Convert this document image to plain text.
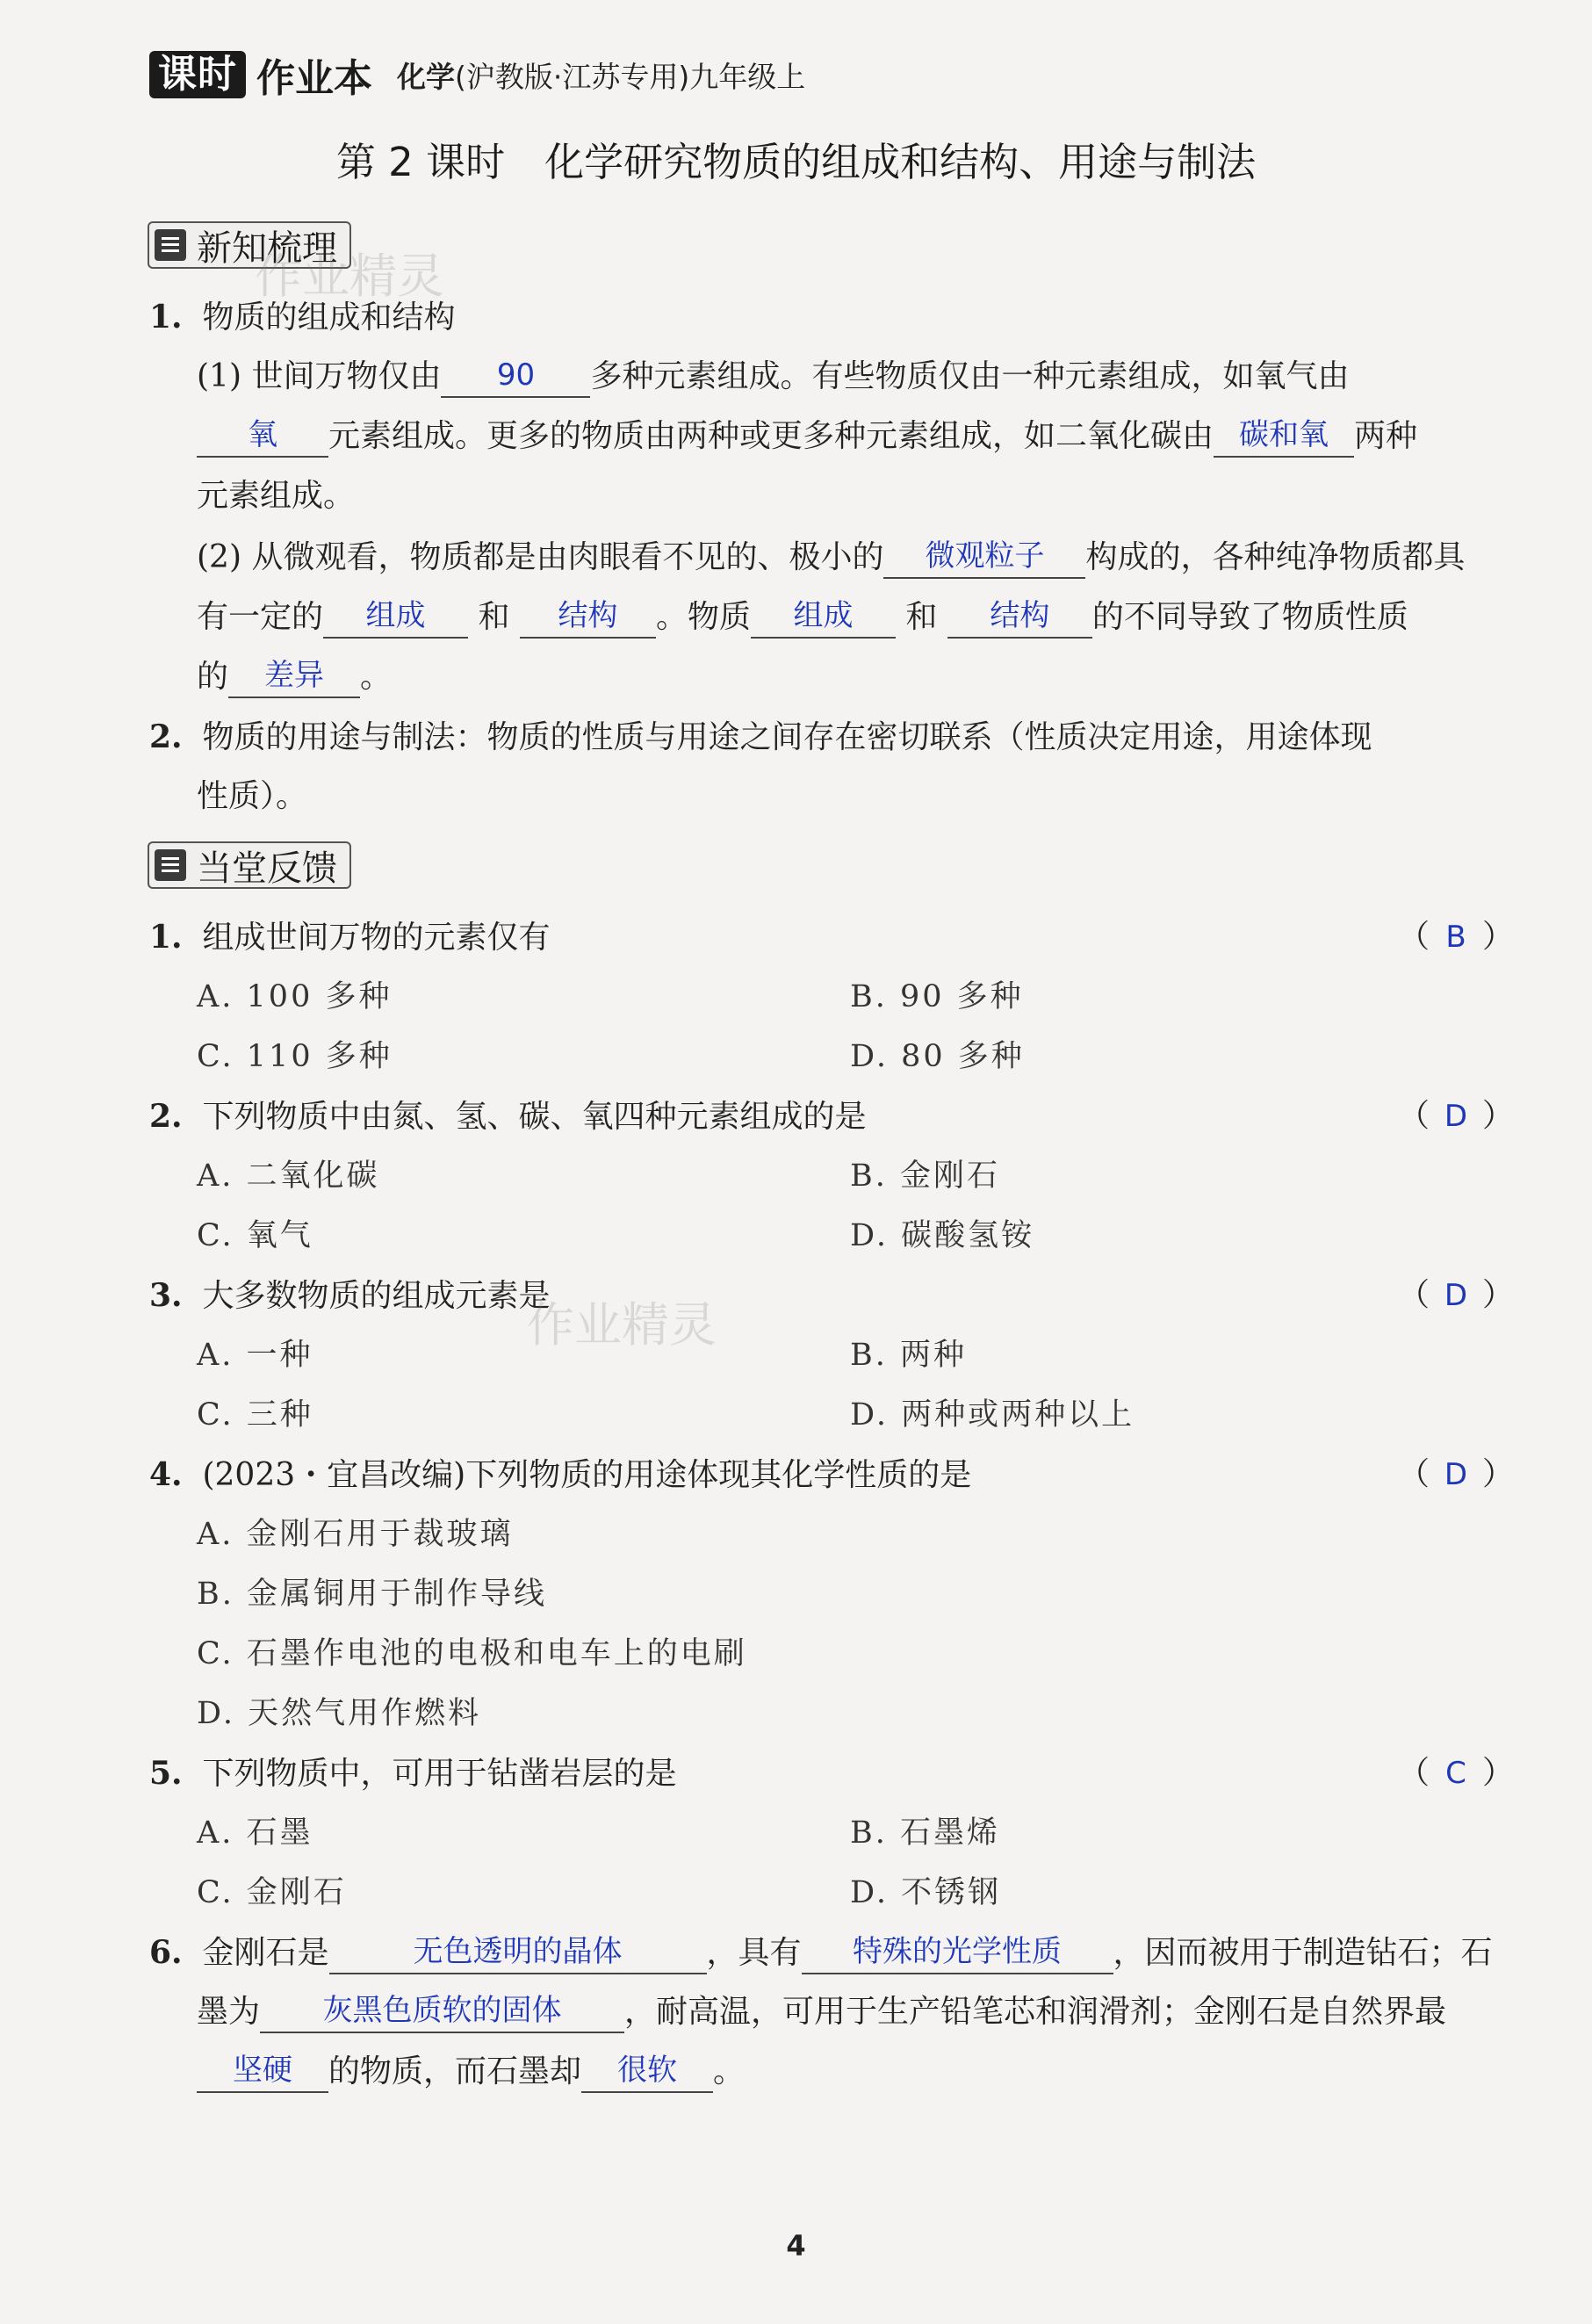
课时 作业本 化学(沪教版·江苏专用)九年级上
第 2 课时　化学研究物质的组成和结构、用途与制法
新知梳理
作业精灵
1. 物质的组成和结构
(1) 世间万物仅由	90	多种元素组成。有些物质仅由一种元素组成，如氧气由
氧	元素组成。更多的物质由两种或更多种元素组成，如二氧化碳由 碳和氧 两种
元素组成。
(2) 从微观看，物质都是由肉眼看不见的、极小的	微观粒子	构成的，各种纯净物质都具
有一定的	组成	和	结构	。物质	组成	和	结构	的不同导致了物质性质
的	差异	。
2. 物质的用途与制法：物质的性质与用途之间存在密切联系（性质决定用途，用途体现
性质）。
当堂反馈
1. 组成世间万物的元素仅有	（ B ）
A. 100 多种	B. 90 多种
C. 110 多种	D. 80 多种
2. 下列物质中由氮、氢、碳、氧四种元素组成的是	（ D ）
A. 二氧化碳	B. 金刚石
C. 氧气	D. 碳酸氢铵
3. 大多数物质的组成元素是
作业精灵
（ D ）
A. 一种	B. 两种
C. 三种	D. 两种或两种以上
4. (2023・宜昌改编)下列物质的用途体现其化学性质的是	（ D ）
A. 金刚石用于裁玻璃
B. 金属铜用于制作导线
C. 石墨作电池的电极和电车上的电刷
D. 天然气用作燃料
5. 下列物质中，可用于钻凿岩层的是	（ C ）
A. 石墨	B. 石墨烯
C. 金刚石	D. 不锈钢
6. 金刚石是	无色透明的晶体	，具有	特殊的光学性质	，因而被用于制造钻石；石
墨为	灰黑色质软的固体	，耐高温，可用于生产铅笔芯和润滑剂；金刚石是自然界最
坚硬	的物质，而石墨却	很软	。
4
